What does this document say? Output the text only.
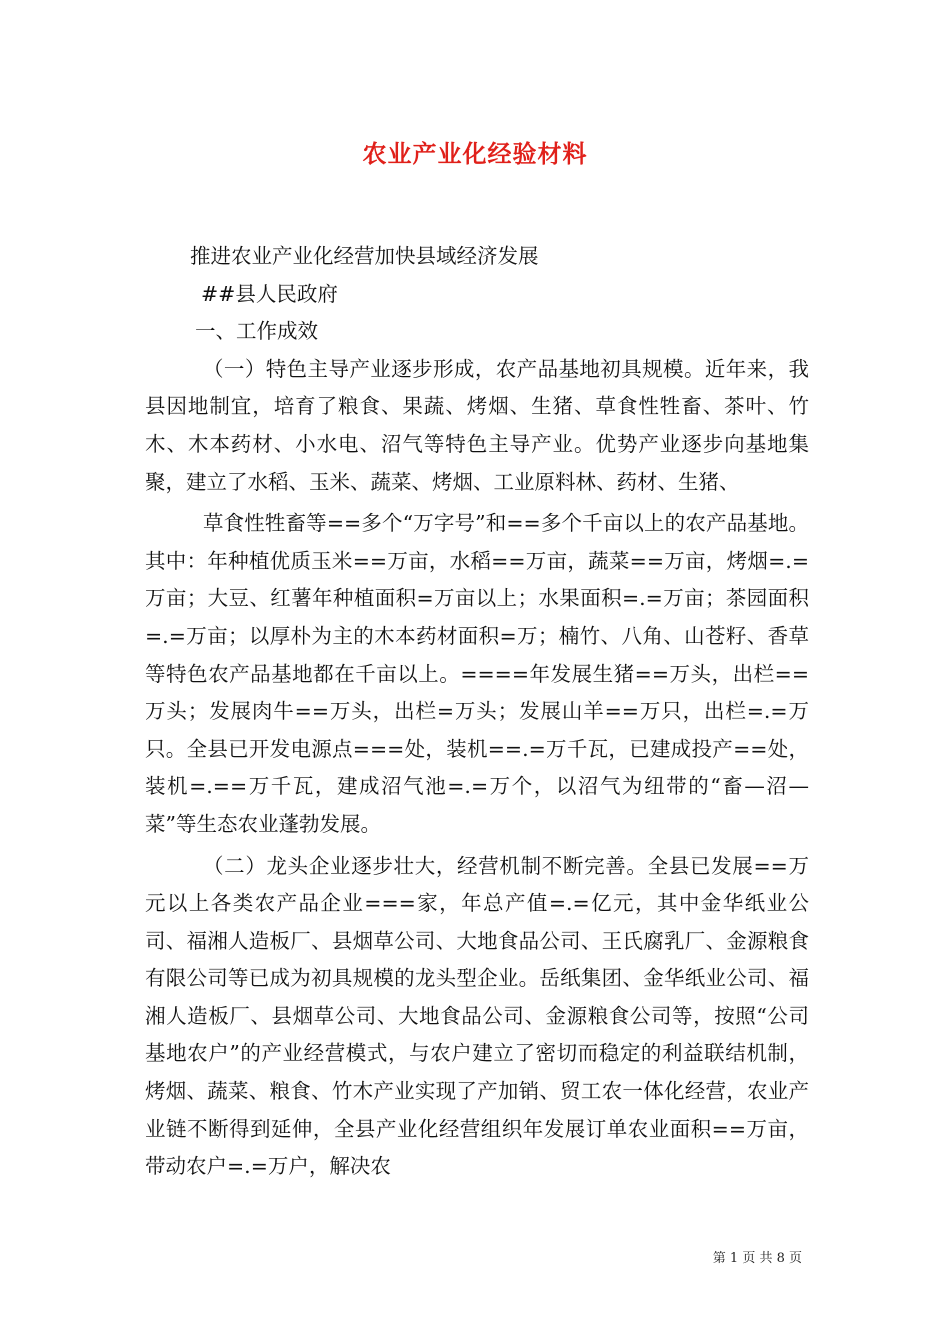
农业产业化经验材料

推进农业产业化经营加快县域经济发展

##县人民政府

一、工作成效

（一）特色主导产业逐步形成，农产品基地初具规模。近年来，我县因地制宜，培育了粮食、果蔬、烤烟、生猪、草食性牲畜、茶叶、竹木、木本药材、小水电、沼气等特色主导产业。优势产业逐步向基地集聚，建立了水稻、玉米、蔬菜、烤烟、工业原料林、药材、生猪、

草食性牲畜等==多个“万字号”和==多个千亩以上的农产品基地。其中：年种植优质玉米==万亩，水稻==万亩，蔬菜==万亩，烤烟=.=万亩；大豆、红薯年种植面积=万亩以上；水果面积=.=万亩；茶园面积=.=万亩；以厚朴为主的木本药材面积=万；楠竹、八角、山苍籽、香草等特色农产品基地都在千亩以上。====年发展生猪==万头，出栏==万头；发展肉牛==万头，出栏=万头；发展山羊==万只，出栏=.=万只。全县已开发电源点===处，装机==.=万千瓦，已建成投产==处，装机=.==万千瓦，建成沼气池=.=万个，以沼气为纽带的“畜—沼—菜”等生态农业蓬勃发展。

（二）龙头企业逐步壮大，经营机制不断完善。全县已发展==万元以上各类农产品企业===家，年总产值=.=亿元，其中金华纸业公司、福湘人造板厂、县烟草公司、大地食品公司、王氏腐乳厂、金源粮食有限公司等已成为初具规模的龙头型企业。岳纸集团、金华纸业公司、福湘人造板厂、县烟草公司、大地食品公司、金源粮食公司等，按照“公司基地农户”的产业经营模式，与农户建立了密切而稳定的利益联结机制，烤烟、蔬菜、粮食、竹木产业实现了产加销、贸工农一体化经营，农业产业链不断得到延伸，全县产业化经营组织年发展订单农业面积==万亩，带动农户=.=万户，解决农

第 1 页 共 8 页
